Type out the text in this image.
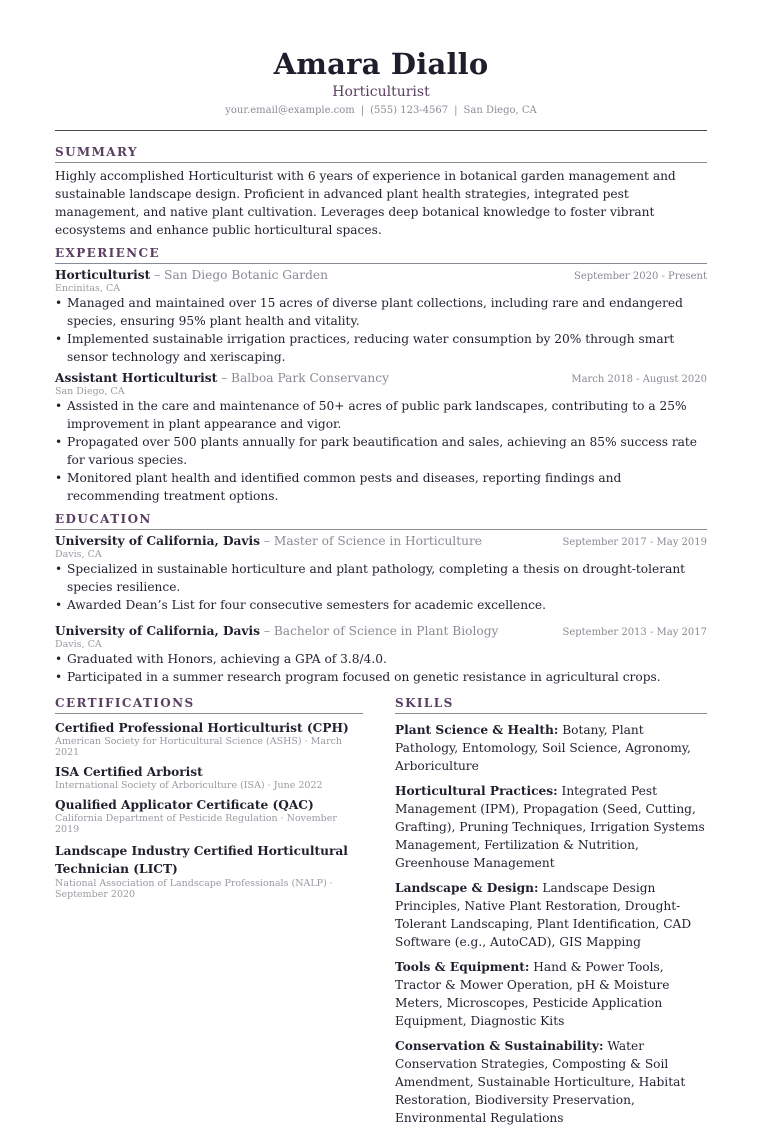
Amara Diallo
Horticulturist
your.email@example.com | (555) 123-4567 | San Diego, CA
SUMMARY

Highly accomplished Horticulturist with 6 years of experience in botanical garden management and sustainable landscape design. Proficient in advanced plant health strategies, integrated pest management, and native plant cultivation. Leverages deep botanical knowledge to foster vibrant ecosystems and enhance public horticultural spaces.

EXPERIENCE
Horticulturist – San Diego Botanic Garden	September 2020 - Present
Encinitas, CA
• Managed and maintained over 15 acres of diverse plant collections, including rare and endangered species, ensuring 95% plant health and vitality.
• Implemented sustainable irrigation practices, reducing water consumption by 20% through smart sensor technology and xeriscaping.
Assistant Horticulturist – Balboa Park Conservancy	March 2018 - August 2020
San Diego, CA
• Assisted in the care and maintenance of 50+ acres of public park landscapes, contributing to a 25% improvement in plant appearance and vigor.
• Propagated over 500 plants annually for park beautification and sales, achieving an 85% success rate for various species.
• Monitored plant health and identified common pests and diseases, reporting findings and recommending treatment options.
EDUCATION
University of California, Davis – Master of Science in Horticulture	September 2017 - May 2019
Davis, CA
• Specialized in sustainable horticulture and plant pathology, completing a thesis on drought-tolerant species resilience.
• Awarded Dean’s List for four consecutive semesters for academic excellence.
University of California, Davis – Bachelor of Science in Plant Biology	September 2013 - May 2017
Davis, CA
• Graduated with Honors, achieving a GPA of 3.8/4.0.
• Participated in a summer research program focused on genetic resistance in agricultural crops.
CERTIFICATIONS
Certified Professional Horticulturist (CPH)
American Society for Horticultural Science (ASHS) · March 2021
ISA Certified Arborist
International Society of Arboriculture (ISA) · June 2022
Qualified Applicator Certificate (QAC)
California Department of Pesticide Regulation · November 2019
Landscape Industry Certified Horticultural Technician (LICT)
National Association of Landscape Professionals (NALP) · September 2020
SKILLS
Plant Science & Health: Botany, Plant Pathology, Entomology, Soil Science, Agronomy, Arboriculture
Horticultural Practices: Integrated Pest Management (IPM), Propagation (Seed, Cutting, Grafting), Pruning Techniques, Irrigation Systems Management, Fertilization & Nutrition, Greenhouse Management
Landscape & Design: Landscape Design Principles, Native Plant Restoration, Drought-Tolerant Landscaping, Plant Identification, CAD Software (e.g., AutoCAD), GIS Mapping
Tools & Equipment: Hand & Power Tools, Tractor & Mower Operation, pH & Moisture Meters, Microscopes, Pesticide Application Equipment, Diagnostic Kits
Conservation & Sustainability: Water Conservation Strategies, Composting & Soil Amendment, Sustainable Horticulture, Habitat Restoration, Biodiversity Preservation, Environmental Regulations
